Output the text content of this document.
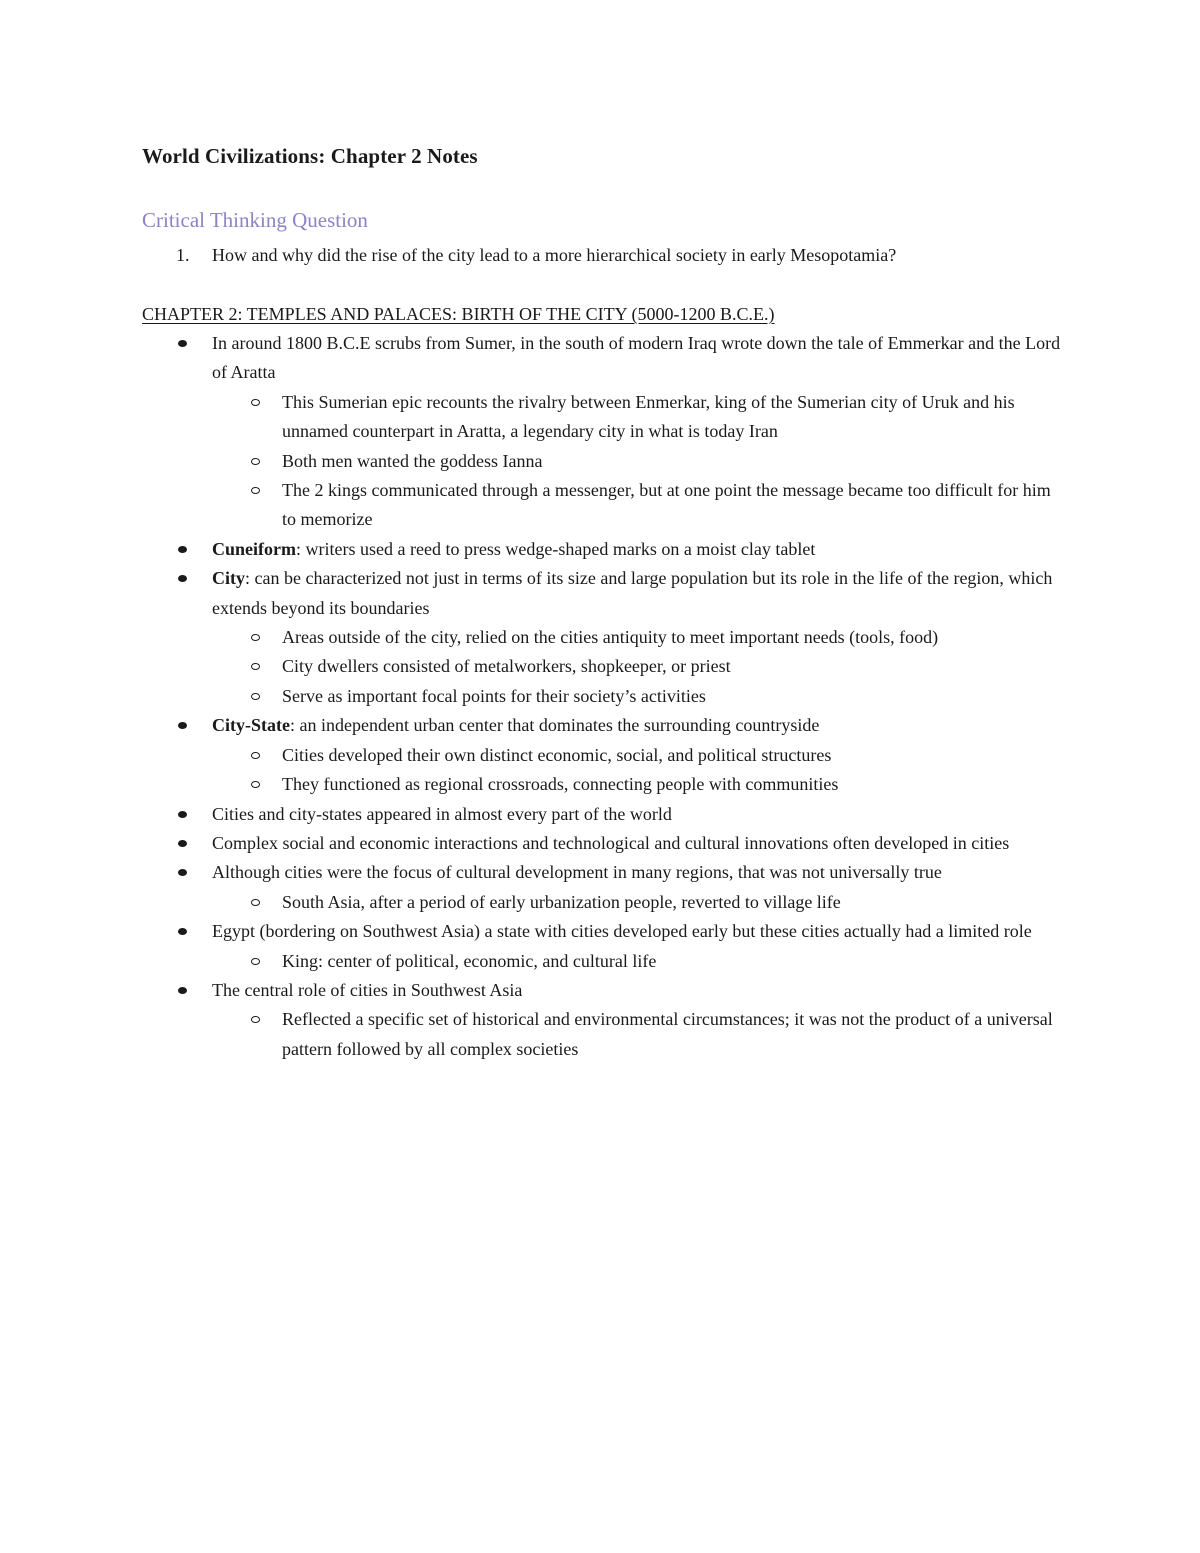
World Civilizations: Chapter 2 Notes
Critical Thinking Question
1. How and why did the rise of the city lead to a more hierarchical society in early Mesopotamia?
CHAPTER 2: TEMPLES AND PALACES: BIRTH OF THE CITY (5000-1200 B.C.E.)
In around 1800 B.C.E scrubs from Sumer, in the south of modern Iraq wrote down the tale of Emmerkar and the Lord of Aratta
This Sumerian epic recounts the rivalry between Enmerkar, king of the Sumerian city of Uruk and his unnamed counterpart in Aratta, a legendary city in what is today Iran
Both men wanted the goddess Ianna
The 2 kings communicated through a messenger, but at one point the message became too difficult for him to memorize
Cuneiform: writers used a reed to press wedge-shaped marks on a moist clay tablet
City: can be characterized not just in terms of its size and large population but its role in the life of the region, which extends beyond its boundaries
Areas outside of the city, relied on the cities antiquity to meet important needs (tools, food)
City dwellers consisted of metalworkers, shopkeeper, or priest
Serve as important focal points for their society’s activities
City-State: an independent urban center that dominates the surrounding countryside
Cities developed their own distinct economic, social, and political structures
They functioned as regional crossroads, connecting people with communities
Cities and city-states appeared in almost every part of the world
Complex social and economic interactions and technological and cultural innovations often developed in cities
Although cities were the focus of cultural development in many regions, that was not universally true
South Asia, after a period of early urbanization people, reverted to village life
Egypt (bordering on Southwest Asia) a state with cities developed early but these cities actually had a limited role
King: center of political, economic, and cultural life
The central role of cities in Southwest Asia
Reflected a specific set of historical and environmental circumstances; it was not the product of a universal pattern followed by all complex societies
